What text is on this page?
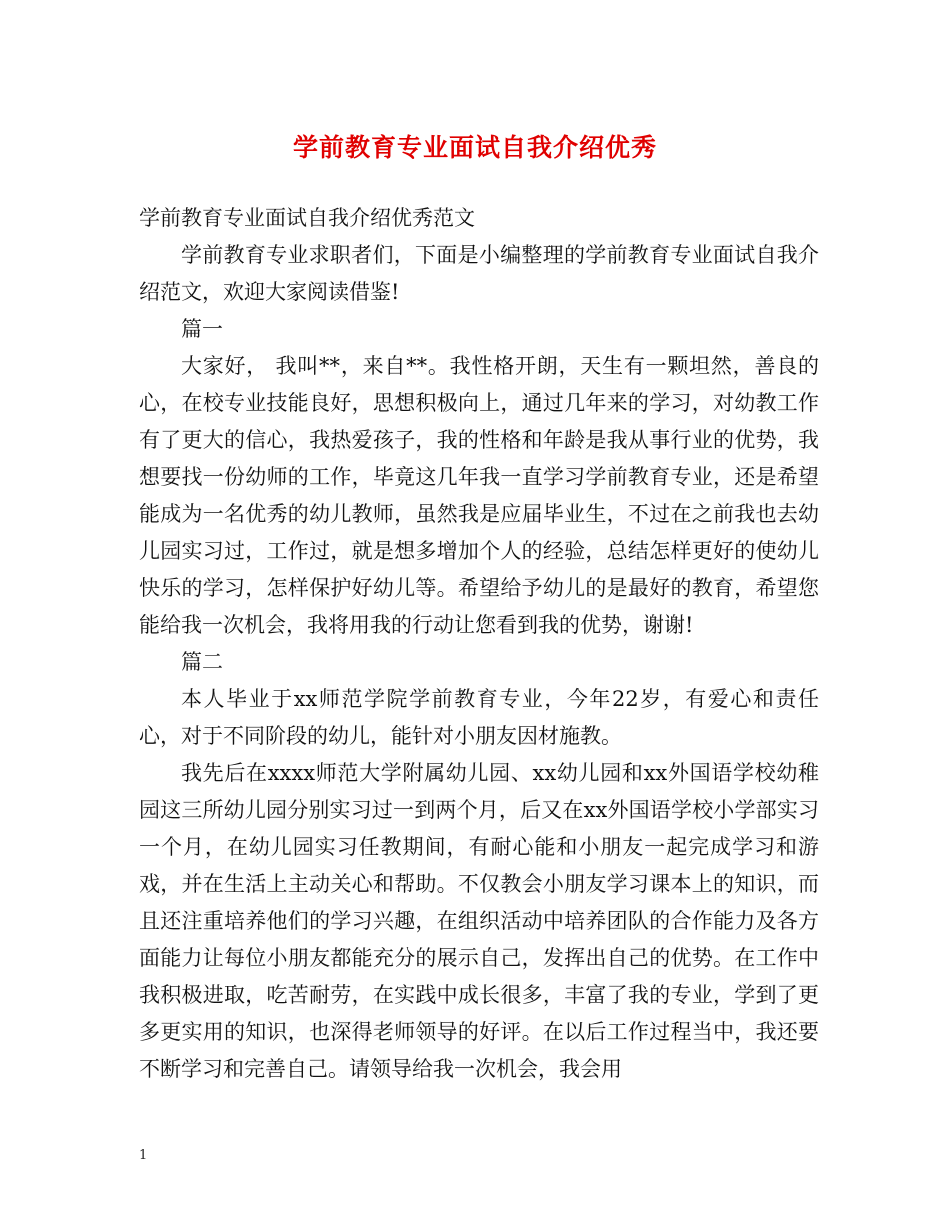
学前教育专业面试自我介绍优秀

学前教育专业面试自我介绍优秀范文

学前教育专业求职者们，下面是小编整理的学前教育专业面试自我介绍范文，欢迎大家阅读借鉴!

篇一

大家好， 我叫**，来自**。我性格开朗，天生有一颗坦然，善良的心，在校专业技能良好，思想积极向上，通过几年来的学习，对幼教工作有了更大的信心，我热爱孩子，我的性格和年龄是我从事行业的优势，我想要找一份幼师的工作，毕竟这几年我一直学习学前教育专业，还是希望能成为一名优秀的幼儿教师，虽然我是应届毕业生，不过在之前我也去幼儿园实习过，工作过，就是想多增加个人的经验，总结怎样更好的使幼儿快乐的学习，怎样保护好幼儿等。希望给予幼儿的是最好的教育，希望您能给我一次机会，我将用我的行动让您看到我的优势，谢谢!

篇二

本人毕业于xx师范学院学前教育专业，今年22岁，有爱心和责任心，对于不同阶段的幼儿，能针对小朋友因材施教。

我先后在xxxx师范大学附属幼儿园、xx幼儿园和xx外国语学校幼稚园这三所幼儿园分别实习过一到两个月，后又在xx外国语学校小学部实习一个月，在幼儿园实习任教期间，有耐心能和小朋友一起完成学习和游戏，并在生活上主动关心和帮助。不仅教会小朋友学习课本上的知识，而且还注重培养他们的学习兴趣，在组织活动中培养团队的合作能力及各方面能力让每位小朋友都能充分的展示自己，发挥出自己的优势。在工作中我积极进取，吃苦耐劳，在实践中成长很多，丰富了我的专业，学到了更多更实用的知识，也深得老师领导的好评。在以后工作过程当中，我还要不断学习和完善自己。请领导给我一次机会，我会用

1
